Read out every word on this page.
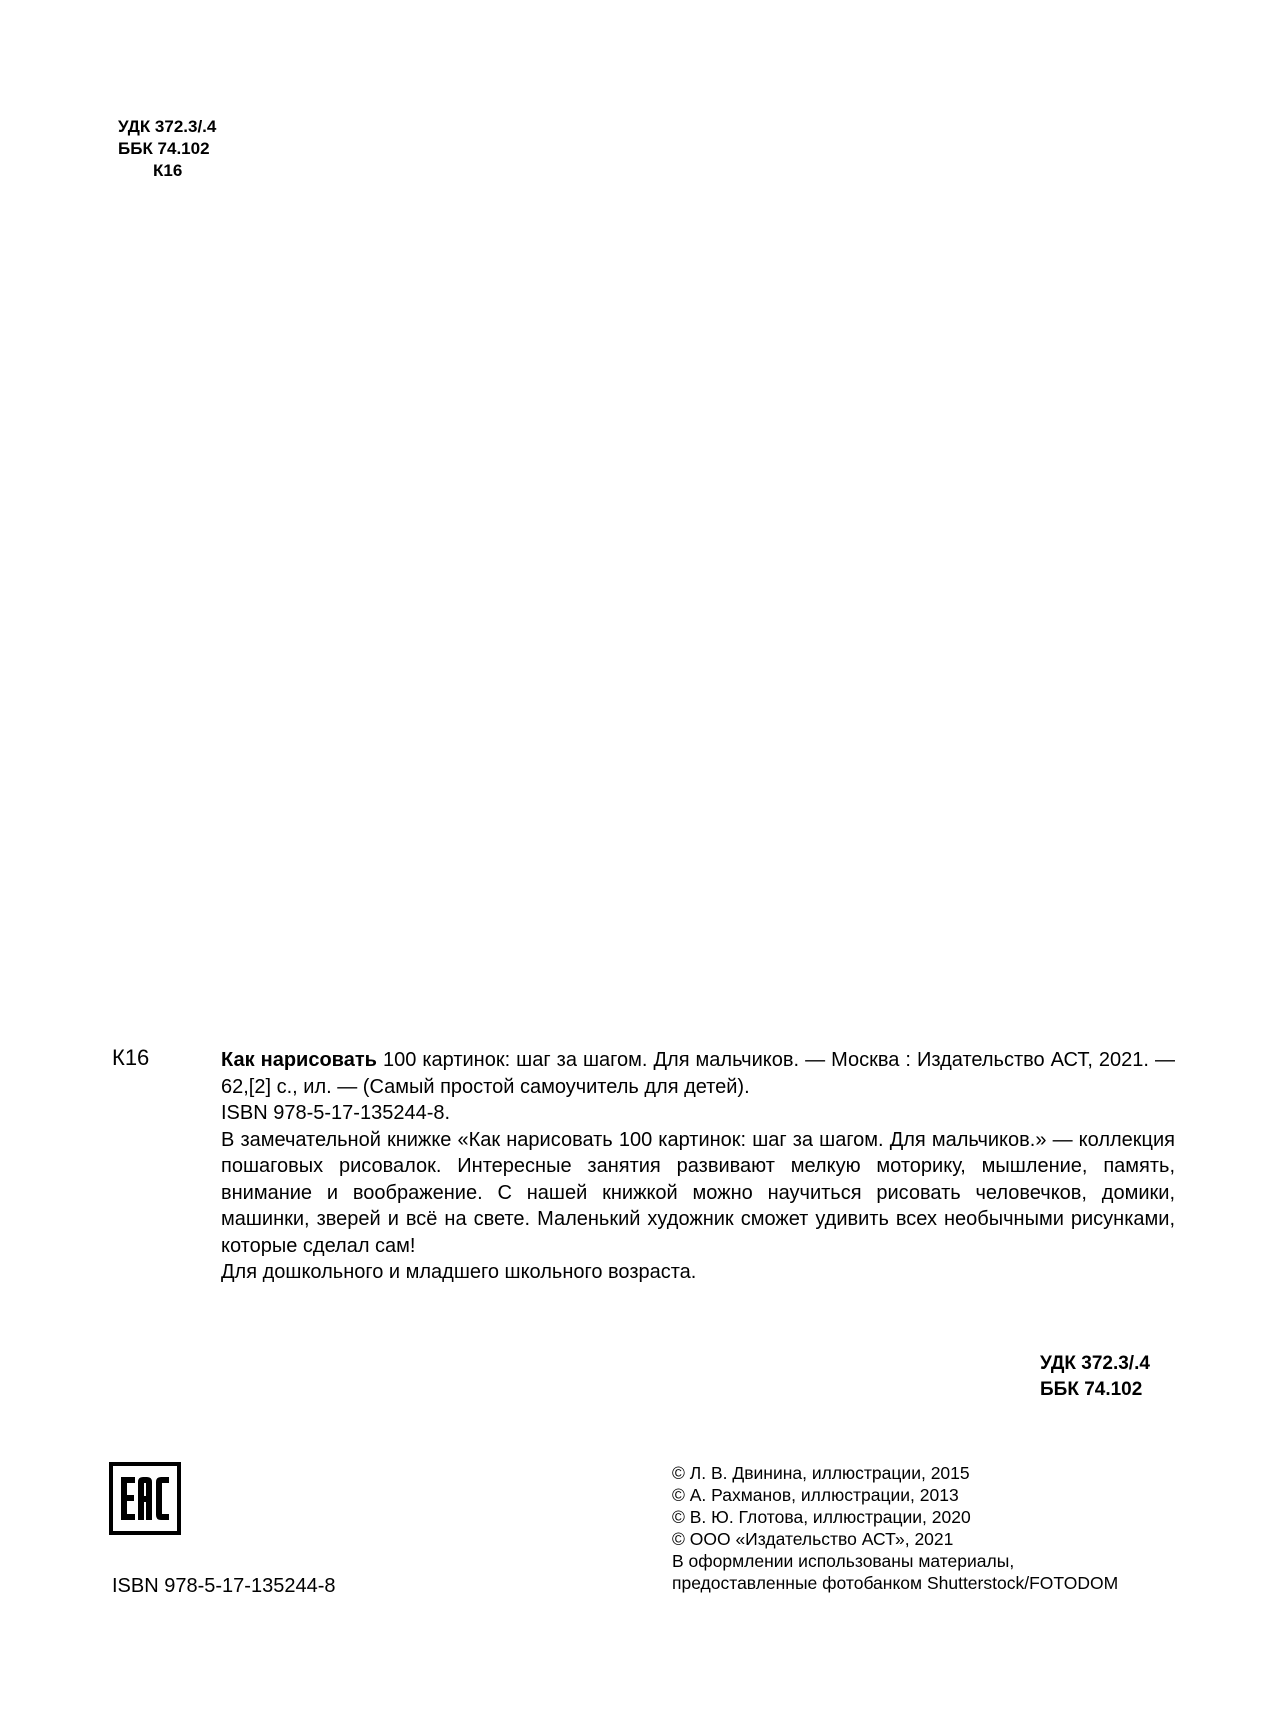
УДК 372.3/.4
ББК 74.102
К16
К16	Как нарисовать 100 картинок: шаг за шагом. Для мальчиков. — Москва : Издательство АСТ, 2021. — 62,[2] с., ил. — (Самый простой самоучитель для детей).

ISBN 978-5-17-135244-8.

В замечательной книжке «Как нарисовать 100 картинок: шаг за шагом. Для мальчиков.» — коллекция пошаговых рисовалок. Интересные занятия развивают мелкую моторику, мышление, память, внимание и воображение. С нашей книжкой можно научиться рисовать человечков, домики, машинки, зверей и всё на свете. Маленький художник сможет удивить всех необычными рисунками, которые сделал сам!

Для дошкольного и младшего школьного возраста.

УДК 372.3/.4
ББК 74.102
ISBN 978-5-17-135244-8
© Л. В. Двинина, иллюстрации, 2015
© А. Рахманов, иллюстрации, 2013
© В. Ю. Глотова, иллюстрации, 2020
© ООО «Издательство АСТ», 2021
В оформлении использованы материалы,
предоставленные фотобанком Shutterstock/FOTODOM
